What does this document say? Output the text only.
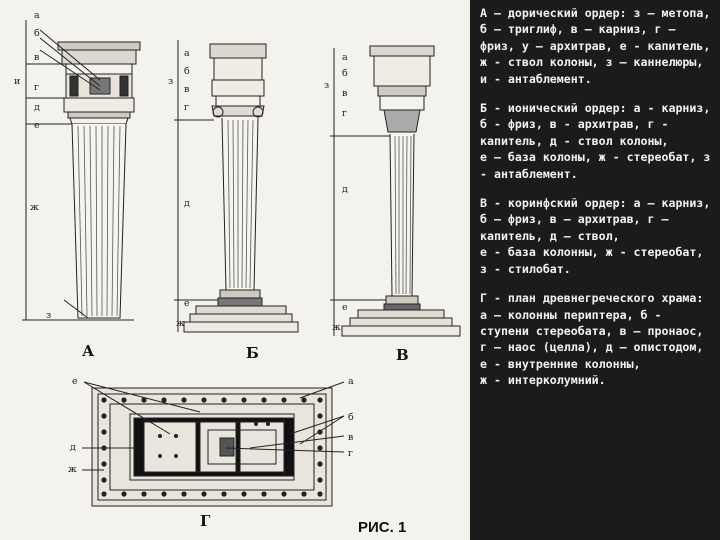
а
б
в
и
г
д
е
ж
з
а
б
в
з
г
д
е
ж
а
б
в
з
г
д
е
ж
е	а
б
в
д
г
ж
А	Б	В
Г	РИС. 1

А — дорический ордер: з — метопа, б — триглиф, в — карниз, г — фриз, у — архитрав, е - капитель, ж - ствол колоны, з — каннелюры, и - антаблемент.

Б - ионический ордер: а - карниз, б - фриз, в - архитрав, г - капитель, д - ствол колоны,
е — база колоны, ж - стереобат, з - антаблемент.

В - коринфский ордер: а — карниз, б — фриз, в — архитрав, г — капитель, д — ствол,
е - база колонны, ж - стереобат, з - стилобат.

Г - план древнегреческого храма:
а — колонны периптера, б - ступени стереобата, в — пронаос,
г — наос (целла), д — опистодом, е - внутренние колонны,
ж - интерколумний.
